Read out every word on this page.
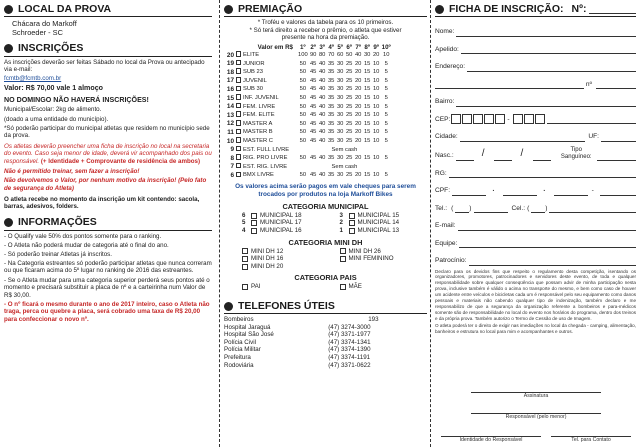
LOCAL DA PROVA
Chácara do Markoff
Schroeder - SC
INSCRIÇÕES

As inscrições deverão ser feitas Sábado no local da Prova ou antecipado via e-mail:

fcmtb@fcmtb.com.br

Valor: R$ 70,00 vale 1 almoço

NO DOMINGO NÃO HAVERÁ INSCRIÇÕES!

Municipal/Escolar: 2kg de alimento.

(doado a uma entidade do município).

*Só poderão participar do municipal atletas que residem no município sede da prova.

Os atletas deverão preencher uma ficha de inscrição no local na secretaria do evento. Caso seja menor de idade, deverá vir acompanhado dos pais ou responsável. (+ Identidade + Comprovante de residência de ambos)

Não é permitido treinar, sem fazer a inscrição!

Não devolvemos o Valor, por nenhum motivo da inscrição! (Pelo fato de segurança do Atleta)

O atleta recebe no momento da inscrição um kit contendo: sacola, barras, adesivos, folders.

INFORMAÇÕES

- O Qualify vale 50% dos pontos somente para o ranking.

- O Atleta não poderá mudar de categoria até o final do ano.

- Só poderão treinar Atletas já inscritos.

- Na Categoria estreantes só poderão participar atletas que nunca correram ou que ficaram acima do 5º lugar no ranking de 2016 das estreantes.

- Se o Atleta mudar para uma categoria superior perderá seus pontos até o momento e precisará substituir a placa de nº e a carteirinha num Valor de R$ 30,00.

- O nº ficará o mesmo durante o ano de 2017 inteiro, caso o Atleta não traga, perca ou quebre a placa, será cobrado uma taxa de R$ 20,00 para confeccionar o novo nº.

PREMIAÇÃO

* Troféu e valores da tabela para os 10 primeiros.

* Só terá direito a receber o prêmio, o atleta que estiver presente na hora da premiação.

Valor em R$			1º	2º	3º	4º	5º	6º	7º	8º	9º	10º
20		ELITE	100	90	80	70	60	50	40	30	20	10
19		JUNIOR	50	45	40	35	30	25	20	15	10	5
18		SUB 23	50	45	40	35	30	25	20	15	10	5
17		JUVENIL	50	45	40	35	30	25	20	15	10	5
16		SUB 30	50	45	40	35	30	25	20	15	10	5
15		INF. JUVENIL	50	45	40	35	30	25	20	15	10	5
14		FEM. LIVRE	50	45	40	35	30	25	20	15	10	5
13		FEM. ELITE	50	45	40	35	30	25	20	15	10	5
12		MASTER A	50	45	40	35	30	25	20	15	10	5
11		MASTER B	50	45	40	35	30	25	20	15	10	5
10		MASTER C	50	45	40	35	30	25	20	15	10	5
9		EST. FULL LIVRE	Sem cash									
8		RIG. PRO LIVRE	50	45	40	35	30	25	20	15	10	5
7		EST. RIG. LIVRE	Sem cash									
6		BMX LIVRE	50	45	40	35	30	25	20	15	10	5

Os valores acima serão pagos em vale cheques para serem trocados por produtos na loja Markoff Bikes

CATEGORIA MUNICIPAL
6	MUNICIPAL 18	3	MUNICIPAL 15
5	MUNICIPAL 17	2	MUNICIPAL 14
4	MUNICIPAL 16	1	MUNICIPAL 13
CATEGORIA MINI DH
MINI DH 12	MINI DH 26
MINI DH 16	MINI FEMININO
MINI DH 20
CATEGORIA PAIS
PAI	MÃE
TELEFONES ÚTEIS
Bombeiros	193
Hospital Jaraguá	(47) 3274-3000
Hospital São José	(47) 3371-1977
Polícia Civil	(47) 3374-1341
Polícia Militar	(47) 3374-1390
Prefeitura	(47) 3374-1191
Rodoviária	(47) 3371-0622
FICHA DE INSCRIÇÃO: Nº:
Nome:
Apelido:
Endereço:
nº
Bairro:
CEP:	-
Cidade:	UF:
Nasc.:	/	/	Tipo Sanguíneo:
RG:
CPF:	.	.	-
Tel.: ( )	Cel.: ( )
E-mail:
Equipe:
Patrocínio:

Declaro para os devidos fins que respeito o regulamento desta competição, isentando os organizadores, promotores, patrocinadores e servidores deste evento, de toda e qualquer responsabilidade sobre qualquer conseqüência que possam advir de minha participação nesta prova, inclusive também é válido o acima no transporte do mesmo, e bem como caso de houver um acidente entre veículos e bicicletas cada um é responsável pelo seu equipamento como danos pessoais e materiais não cabendo qualquer tipo de indenização, também declaro e me responsabilizo de que a segurança da organização referente a bombeiros e para-médicos somente são de responsabilidade no local do evento nos horários do programa, dentro dos treinos e da própria prova. Também autorizo o Termo de Cessão de uso de Imagem.

O atleta poderá ter o direito de exigir nas imediações no local da chegada - camping, alimentação, banheiros e estrutura no local para mim e acompanhantes e outros.

Assinatura
Responsável (pelo menor)
Identidade do Responsável	Tel. para Contato
